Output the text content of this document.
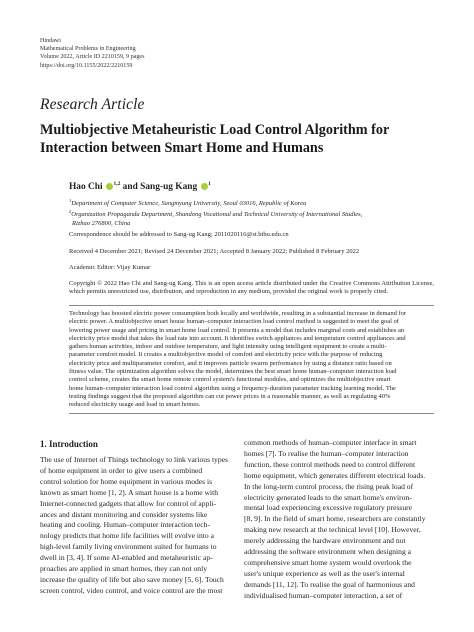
Hindawi
Mathematical Problems in Engineering
Volume 2022, Article ID 2210159, 9 pages
https://doi.org/10.1155/2022/2210159
Research Article
Multiobjective Metaheuristic Load Control Algorithm for
Interaction between Smart Home and Humans
Hao Chi $^{1,2}$ and Sang-ug Kang $^1$
$^1$Department of Computer Science, Sangmyung University, Seoul 03016, Republic of Korea
$^2$Organization Propaganda Department, Shandong Vocational and Technical University of International Studies,
Rizhao 276800, China
Correspondence should be addressed to Sang-ug Kang; 2011020116@st.btbu.edu.cn
Received 4 December 2021; Revised 24 December 2021; Accepted 8 January 2022; Published 8 February 2022
Academic Editor: Vijay Kumar
Copyright © 2022 Hao Chi and Sang-ug Kang. This is an open access article distributed under the Creative Commons Attribution License, which permits unrestricted use, distribution, and reproduction in any medium, provided the original work is properly cited.
Technology has boosted electric power consumption both locally and worldwide, resulting in a substantial increase in demand for
electric power. A multiobjective smart house human–computer interaction load control method is suggested to meet the goal of
lowering power usage and pricing in smart home load control. It presents a model that includes marginal costs and establishes an
electricity price model that takes the load rate into account. It identifies switch appliances and temperature control appliances and
gathers human activities, indoor and outdoor temperature, and light intensity using intelligent equipment to create a multi-
parameter comfort model. It creates a multiobjective model of comfort and electricity price with the purpose of reducing
electricity price and multiparameter comfort, and it improves particle swarm performance by using a distance ratio based on
fitness value. The optimization algorithm solves the model, determines the best smart home human–computer interaction load
control scheme, creates the smart home remote control system's functional modules, and optimizes the multiobjective smart
home human–computer interaction load control algorithm using a frequency-duration parameter tracking learning model. The
testing findings suggest that the proposed algorithm can cut power prices in a reasonable manner, as well as regulating 40%
reduced electricity usage and load in smart homes.
1. Introduction
The use of Internet of Things technology to link various types
of home equipment in order to give users a combined
control solution for home equipment in various modes is
known as smart home [1, 2]. A smart house is a home with
Internet-connected gadgets that allow for control of appli-
ances and distant monitoring and consider systems like
heating and cooling. Human–computer interaction tech-
nology predicts that home life facilities will evolve into a
high-level family living environment suited for humans to
dwell in [3, 4]. If some AI-enabled and metaheuristic ap-
proaches are applied in smart homes, they can not only
increase the quality of life but also save money [5, 6]. Touch
screen control, video control, and voice control are the most
common methods of human–computer interface in smart
homes [7]. To realise the human–computer interaction
function, these control methods need to control different
home equipment, which generates different electrical loads.
In the long-term control process, the rising peak load of
electricity generated leads to the smart home's environ-
mental load experiencing excessive regulatory pressure
[8, 9]. In the field of smart home, researchers are constantly
making new research at the technical level [10]. However,
merely addressing the hardware environment and not
addressing the software environment when designing a
comprehensive smart home system would overlook the
user's unique experience as well as the user's internal
demands [11, 12]. To realise the goal of harmonious and
individualised human–computer interaction, a set of
